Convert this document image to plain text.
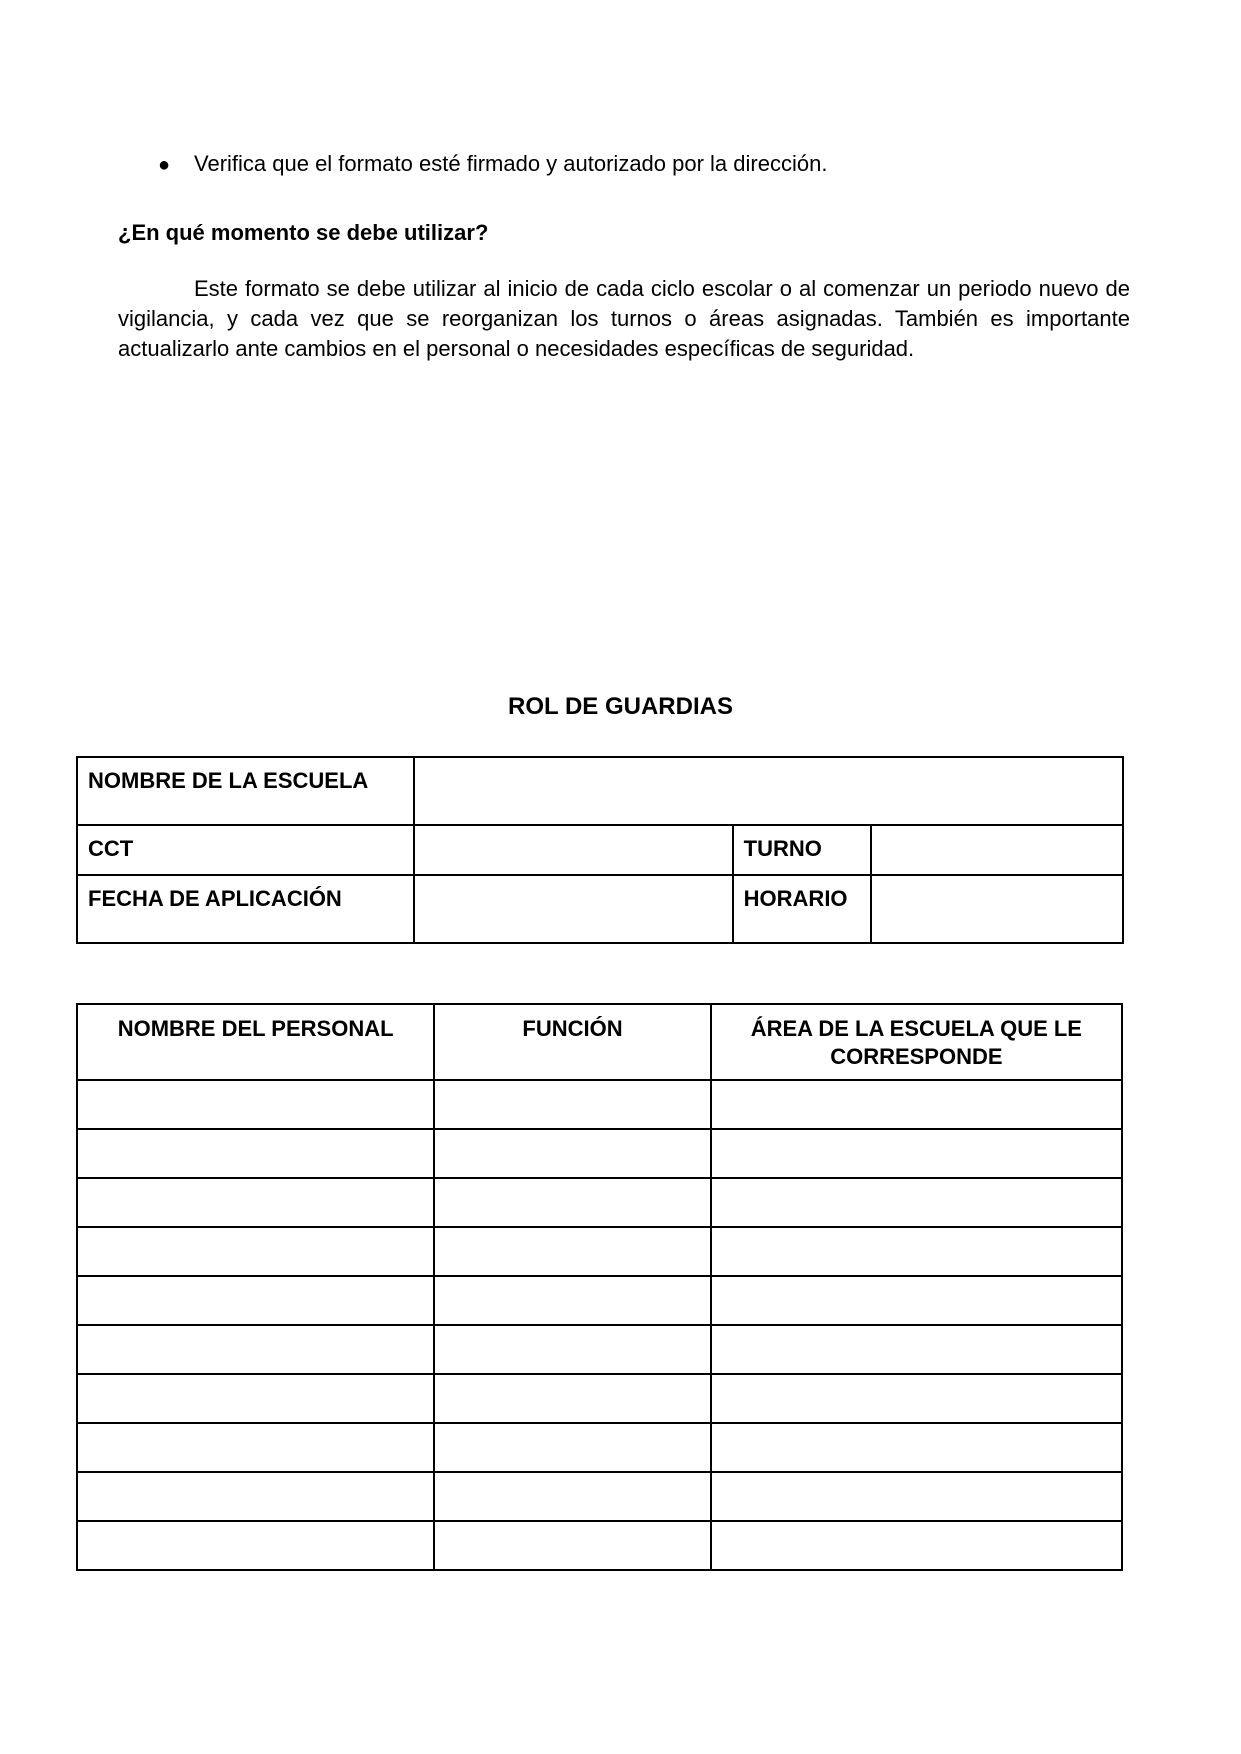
● Verifica que el formato esté firmado y autorizado por la dirección.
¿En qué momento se debe utilizar?
Este formato se debe utilizar al inicio de cada ciclo escolar o al comenzar un periodo nuevo de vigilancia, y cada vez que se reorganizan los turnos o áreas asignadas. También es importante actualizarlo ante cambios en el personal o necesidades específicas de seguridad.
ROL DE GUARDIAS
NOMBRE DE LA ESCUELA			
CCT		TURNO	
FECHA DE APLICACIÓN		HORARIO	
NOMBRE DEL PERSONAL	FUNCIÓN	ÁREA DE LA ESCUELA QUE LE CORRESPONDE
